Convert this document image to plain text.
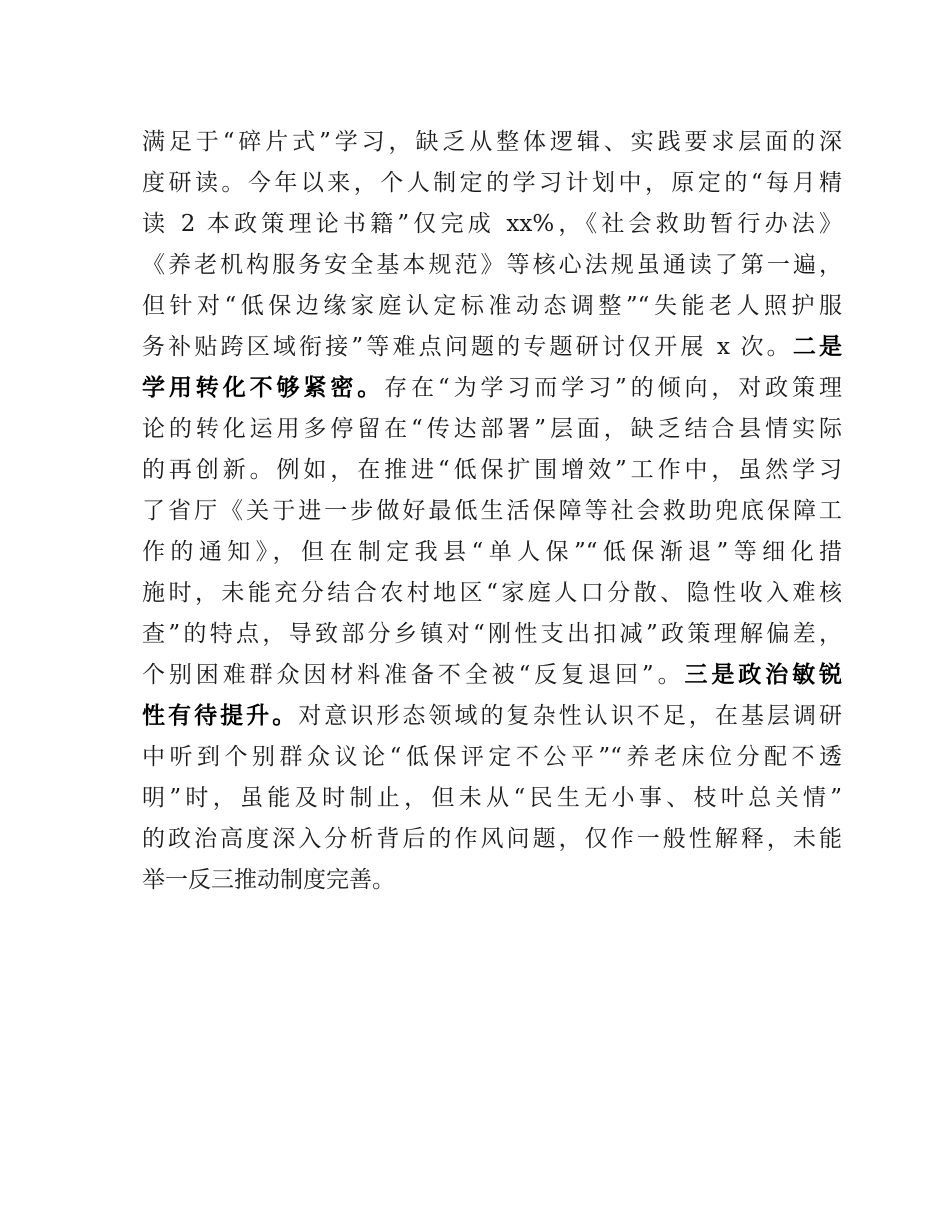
满足于“碎片式”学习，缺乏从整体逻辑、实践要求层面的深
度研读。今年以来，个人制定的学习计划中，原定的“每月精
读 2 本政策理论书籍”仅完成 xx%，《社会救助暂行办法》
《养老机构服务安全基本规范》等核心法规虽通读了第一遍，
但针对“低保边缘家庭认定标准动态调整”“失能老人照护服
务补贴跨区域衔接”等难点问题的专题研讨仅开展 x 次。二是
学用转化不够紧密。存在“为学习而学习”的倾向，对政策理
论的转化运用多停留在“传达部署”层面，缺乏结合县情实际
的再创新。例如，在推进“低保扩围增效”工作中，虽然学习
了省厅《关于进一步做好最低生活保障等社会救助兜底保障工
作的通知》，但在制定我县“单人保”“低保渐退”等细化措
施时，未能充分结合农村地区“家庭人口分散、隐性收入难核
查”的特点，导致部分乡镇对“刚性支出扣减”政策理解偏差，
个别困难群众因材料准备不全被“反复退回”。三是政治敏锐
性有待提升。对意识形态领域的复杂性认识不足，在基层调研
中听到个别群众议论“低保评定不公平”“养老床位分配不透
明”时，虽能及时制止，但未从“民生无小事、枝叶总关情”
的政治高度深入分析背后的作风问题，仅作一般性解释，未能
举一反三推动制度完善。
